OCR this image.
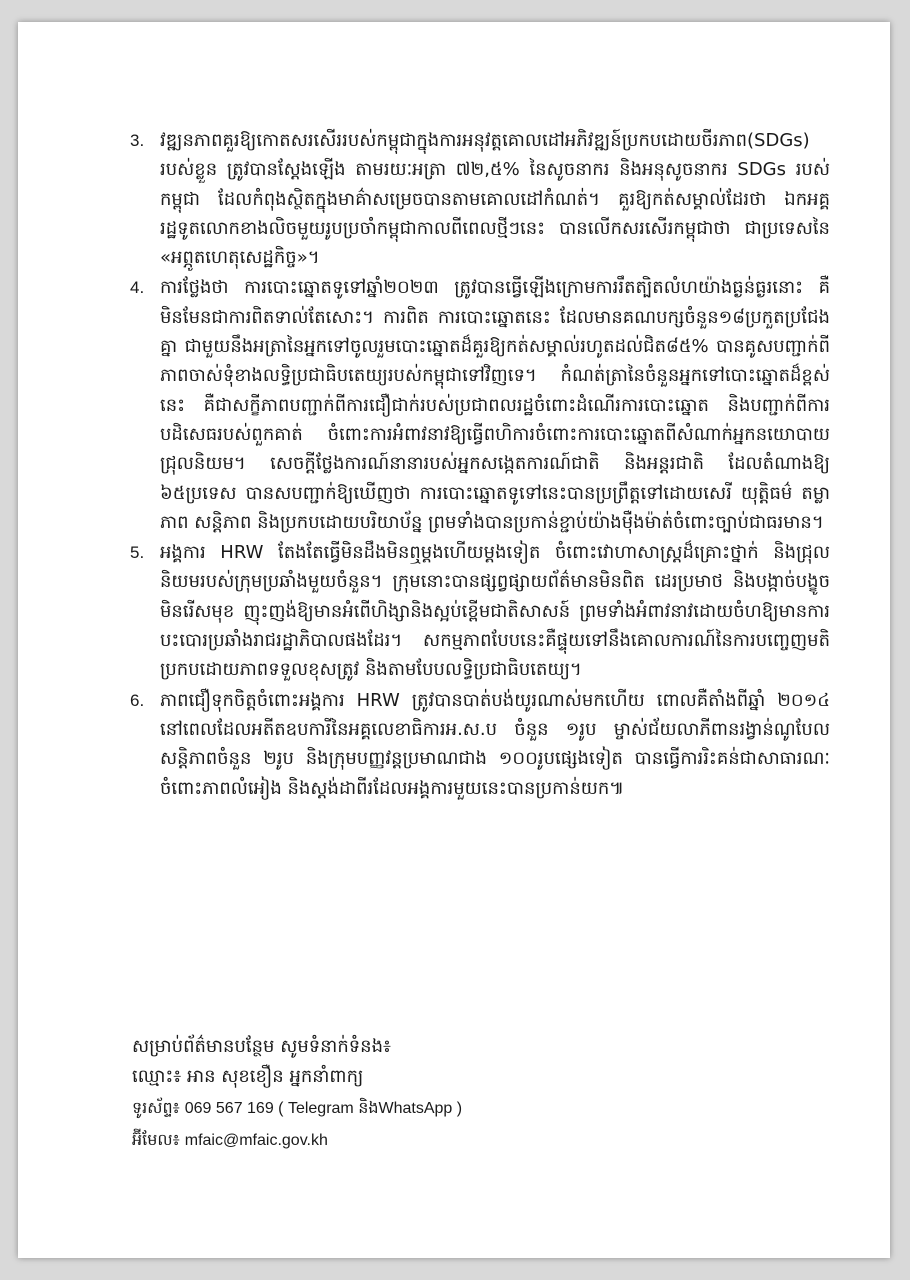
3. វឌ្ឍនភាពគួរឱ្យកោតសរសើររបស់កម្ពុជាក្នុងការអនុវត្តគោលដៅអភិវឌ្ឍន៍ប្រកបដោយចីរភាព(SDGs) របស់ខ្លួន ត្រូវបានស្ដែងឡើង តាមរយៈអត្រា ៧២,៥% នៃសូចនាករ និងអនុសូចនាករ SDGs របស់កម្ពុជា ដែលកំពុងស្ថិតក្នុងមាគ៌ាសម្រេចបានតាមគោលដៅកំណត់។ គួរឱ្យកត់សម្គាល់ដែរថា ឯកអគ្គរដ្ឋទូតលោកខាងលិចមួយរូបប្រចាំកម្ពុជាកាលពីពេលថ្មីៗនេះ បានលើកសរសើរកម្ពុជាថា ជាប្រទេសនៃ «អព្ភូតហេតុសេដ្ឋកិច្ច»។
4. ការថ្លែងថា ការបោះឆ្នោតទូទៅឆ្នាំ២០២៣ ត្រូវបានធ្វើឡើងក្រោមការរឹតត្បិតលំហយ៉ាងធ្ងន់ធ្ងរនោះ គឺមិនមែនជាការពិតទាល់តែសោះ។ ការពិត ការបោះឆ្នោតនេះ ដែលមានគណបក្សចំនួន១៨ប្រកួតប្រជែងគ្នា ជាមួយនឹងអត្រានៃអ្នកទៅចូលរួមបោះឆ្នោតដ៏គួរឱ្យកត់សម្គាល់រហូតដល់ជិត៨៥% បានគូសបញ្ជាក់ពីភាពចាស់ទុំខាងលទ្ធិប្រជាធិបតេយ្យរបស់កម្ពុជាទៅវិញទេ។ កំណត់ត្រានៃចំនួនអ្នកទៅបោះឆ្នោតដ៏ខ្ពស់នេះ គឺជាសក្ខីភាពបញ្ជាក់ពីការជឿជាក់របស់ប្រជាពលរដ្ឋចំពោះដំណើរការបោះឆ្នោត និងបញ្ជាក់ពីការបដិសេធរបស់ពួកគាត់ ចំពោះការអំពាវនាវឱ្យធ្វើពហិការចំពោះការបោះឆ្នោតពីសំណាក់អ្នកនយោបាយជ្រុលនិយម។ សេចក្ដីថ្លែងការណ៍នានារបស់អ្នកសង្កេតការណ៍ជាតិ និងអន្តរជាតិ ដែលតំណាងឱ្យ ៦៥ប្រទេស បានសបញ្ជាក់ឱ្យឃើញថា ការបោះឆ្នោតទូទៅនេះបានប្រព្រឹត្តទៅដោយសេរី យុត្តិធម៌ តម្លាភាព សន្តិភាព និងប្រកបដោយបរិយាប័ន្ន ព្រមទាំងបានប្រកាន់ខ្ជាប់យ៉ាងម៉ឺងម៉ាត់ចំពោះច្បាប់ជាធរមាន។
5. អង្គការ HRW តែងតែធ្វើមិនដឹងមិនឮម្ដងហើយម្ដងទៀត ចំពោះវោហាសាស្ត្រដ៏គ្រោះថ្នាក់ និងជ្រុលនិយមរបស់ក្រុមប្រឆាំងមួយចំនួន។ ក្រុមនោះបានផ្សព្វផ្សាយព័ត៌មានមិនពិត ដេរប្រមាថ និងបង្កាច់បង្ខូចមិនរើសមុខ ញុះញង់ឱ្យមានអំពើហិង្សានិងស្អប់ខ្ពើមជាតិសាសន៍ ព្រមទាំងអំពាវនាវដោយចំហឱ្យមានការបះបោរប្រឆាំងរាជរដ្ឋាភិបាលផងដែរ។ សកម្មភាពបែបនេះគឺផ្ទុយទៅនឹងគោលការណ៍នៃការបញ្ចេញមតិប្រកបដោយភាពទទួលខុសត្រូវ និងតាមបែបលទ្ធិប្រជាធិបតេយ្យ។
6. ភាពជឿទុកចិត្តចំពោះអង្គការ HRW ត្រូវបានបាត់បង់យូរណាស់មកហើយ ពោលគឺតាំងពីឆ្នាំ ២០១៤ នៅពេលដែលអតីតឧបការីនៃអគ្គលេខាធិការអ.ស.ប ចំនួន ១រូប ម្ចាស់ជ័យលាភីពានរង្វាន់ណូបែលសន្តិភាពចំនួន ២រូប និងក្រុមបញ្ញវន្តប្រមាណជាង ១០០រូបផ្សេងទៀត បានធ្វើការរិះគន់ជាសាធារណៈចំពោះភាពលំអៀង និងស្តង់ដាពីរដែលអង្គការមួយនេះបានប្រកាន់យក៕
សម្រាប់ព័ត៌មានបន្ថែម សូមទំនាក់ទំនង៖
ឈ្មោះ៖ អាន សុខខឿន អ្នកនាំពាក្យ
ទូរស័ព្ទ៖ 069 567 169 ( Telegram និងWhatsApp )
អ៊ីមែល៖ mfaic@mfaic.gov.kh
